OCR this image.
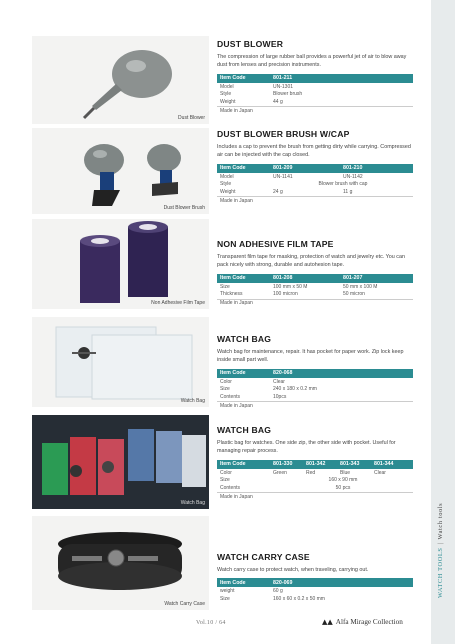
Dust Blower
Dust Blower Brush
Non Adhesive Film Tape
Watch Bag
Watch Bag
Watch Carry Case
DUST BLOWER
The compression of large rubber ball provides a powerful jet of air to blow away dust from lenses and precision instruments.
Item Code	801-211
Model	UN-1301
Style	Blower brush
Weight	44 g
Made in Japan
DUST BLOWER BRUSH W/CAP
Includes a cap to prevent the brush from getting dirty while carrying. Compressed air can be injected with the cap closed.
Item Code	801-209	801-210
Model	UN-1141	UN-1142
Style	Blower brush with cap
Weight	24 g	11 g
Made in Japan
NON ADHESIVE FILM TAPE
Transparent film tape for masking, protection of watch and jewelry etc. You can pack nicely with strong, durable and autohesion tape.
Item Code	801-208	801-207
Size	100 mm x 50 M	50 mm x 100 M
Thickness	100 micron	50 micron
Made in Japan
WATCH BAG
Watch bag for maintenance, repair. It has pocket for paper work. Zip lock keep inside small part well.
Item Code	820-068
Color	Clear
Size	240 x 180 x 0.2 mm
Contents	10pcs
Made in Japan
WATCH BAG
Plastic bag for watches. One side zip, the other side with pocket. Useful for managing repair process.
Item Code	801-330	801-342	801-343	801-344
Color	Green	Red	Blue	Clear
Size	160 x 90 mm
Contents	50 pcs
Made in Japan
WATCH CARRY CASE
Watch carry case to protect watch, when traveling, carrying out.
Item Code	820-069
weight	60 g
Size	160 x 60 x 0.2 x 50 mm
WATCH TOOLS|Watch tools
Vol.10 / 64	▲▲ Alfa Mirage Collection
